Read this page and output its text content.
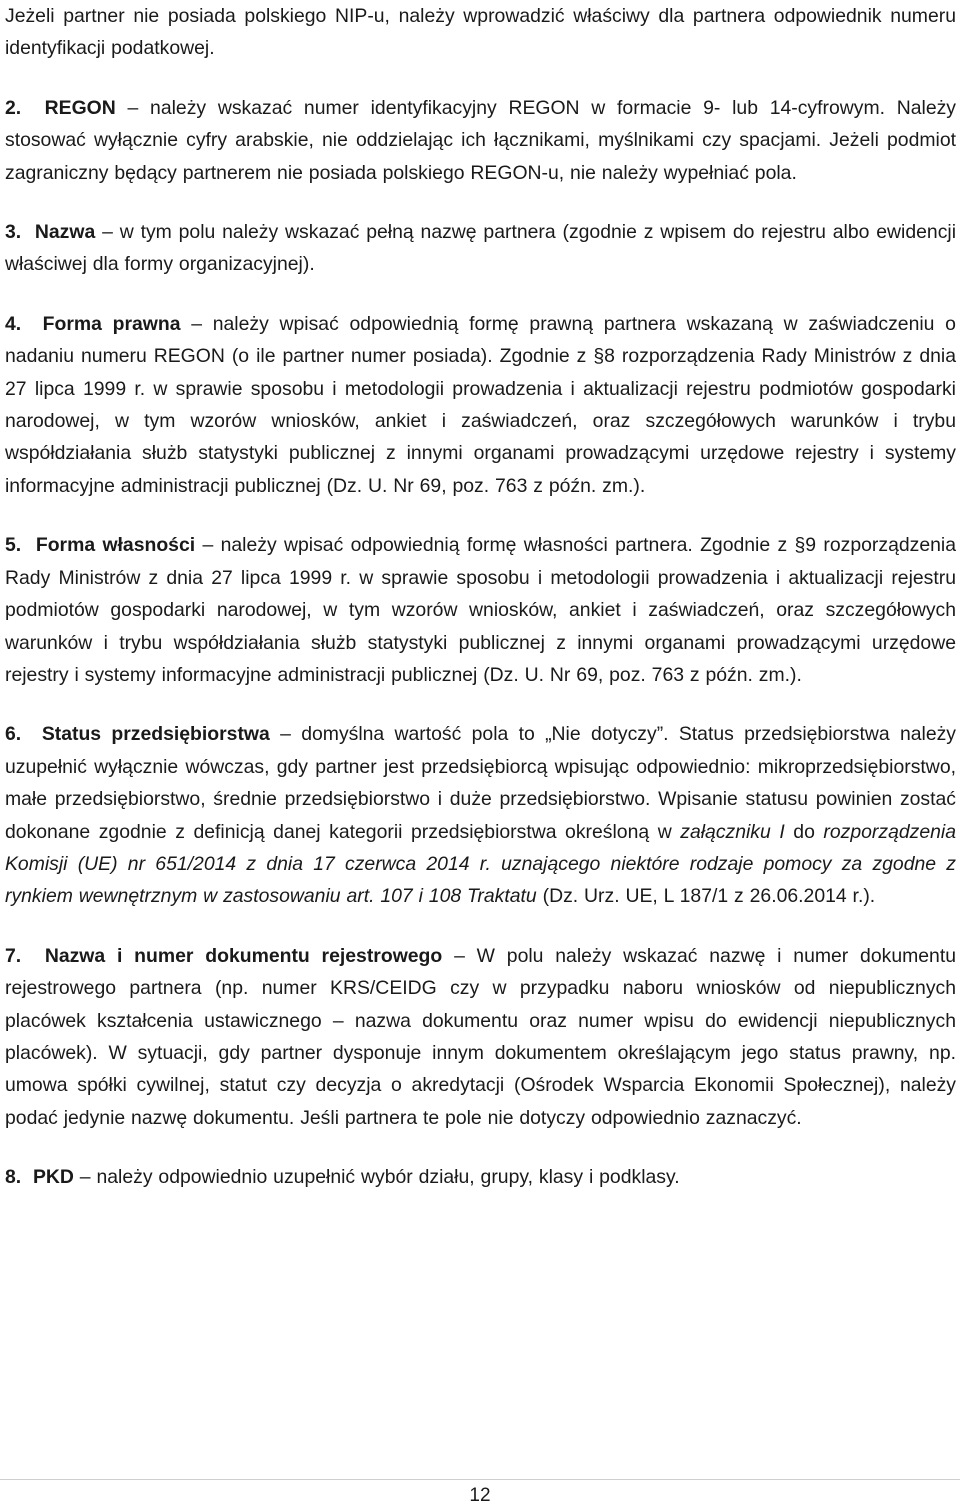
Jeżeli partner nie posiada polskiego NIP-u, należy wprowadzić właściwy dla partnera odpowiednik numeru identyfikacji podatkowej.

2. REGON – należy wskazać numer identyfikacyjny REGON w formacie 9- lub 14-cyfrowym. Należy stosować wyłącznie cyfry arabskie, nie oddzielając ich łącznikami, myślnikami czy spacjami. Jeżeli podmiot zagraniczny będący partnerem nie posiada polskiego REGON-u, nie należy wypełniać pola.

3. Nazwa – w tym polu należy wskazać pełną nazwę partnera (zgodnie z wpisem do rejestru albo ewidencji właściwej dla formy organizacyjnej).

4. Forma prawna – należy wpisać odpowiednią formę prawną partnera wskazaną w zaświadczeniu o nadaniu numeru REGON (o ile partner numer posiada). Zgodnie z §8 rozporządzenia Rady Ministrów z dnia 27 lipca 1999 r. w sprawie sposobu i metodologii prowadzenia i aktualizacji rejestru podmiotów gospodarki narodowej, w tym wzorów wniosków, ankiet i zaświadczeń, oraz szczegółowych warunków i trybu współdziałania służb statystyki publicznej z innymi organami prowadzącymi urzędowe rejestry i systemy informacyjne administracji publicznej (Dz. U. Nr 69, poz. 763 z późn. zm.).

5. Forma własności – należy wpisać odpowiednią formę własności partnera. Zgodnie z §9 rozporządzenia Rady Ministrów z dnia 27 lipca 1999 r. w sprawie sposobu i metodologii prowadzenia i aktualizacji rejestru podmiotów gospodarki narodowej, w tym wzorów wniosków, ankiet i zaświadczeń, oraz szczegółowych warunków i trybu współdziałania służb statystyki publicznej z innymi organami prowadzącymi urzędowe rejestry i systemy informacyjne administracji publicznej (Dz. U. Nr 69, poz. 763 z późn. zm.).

6. Status przedsiębiorstwa – domyślna wartość pola to „Nie dotyczy”. Status przedsiębiorstwa należy uzupełnić wyłącznie wówczas, gdy partner jest przedsiębiorcą wpisując odpowiednio: mikroprzedsiębiorstwo, małe przedsiębiorstwo, średnie przedsiębiorstwo i duże przedsiębiorstwo. Wpisanie statusu powinien zostać dokonane zgodnie z definicją danej kategorii przedsiębiorstwa określoną w załączniku I do rozporządzenia Komisji (UE) nr 651/2014 z dnia 17 czerwca 2014 r. uznającego niektóre rodzaje pomocy za zgodne z rynkiem wewnętrznym w zastosowaniu art. 107 i 108 Traktatu (Dz. Urz. UE, L 187/1 z 26.06.2014 r.).

7. Nazwa i numer dokumentu rejestrowego – W polu należy wskazać nazwę i numer dokumentu rejestrowego partnera (np. numer KRS/CEIDG czy w przypadku naboru wniosków od niepublicznych placówek kształcenia ustawicznego – nazwa dokumentu oraz numer wpisu do ewidencji niepublicznych placówek). W sytuacji, gdy partner dysponuje innym dokumentem określającym jego status prawny, np. umowa spółki cywilnej, statut czy decyzja o akredytacji (Ośrodek Wsparcia Ekonomii Społecznej), należy podać jedynie nazwę dokumentu. Jeśli partnera te pole nie dotyczy odpowiednio zaznaczyć.

8. PKD – należy odpowiednio uzupełnić wybór działu, grupy, klasy i podklasy.

12
